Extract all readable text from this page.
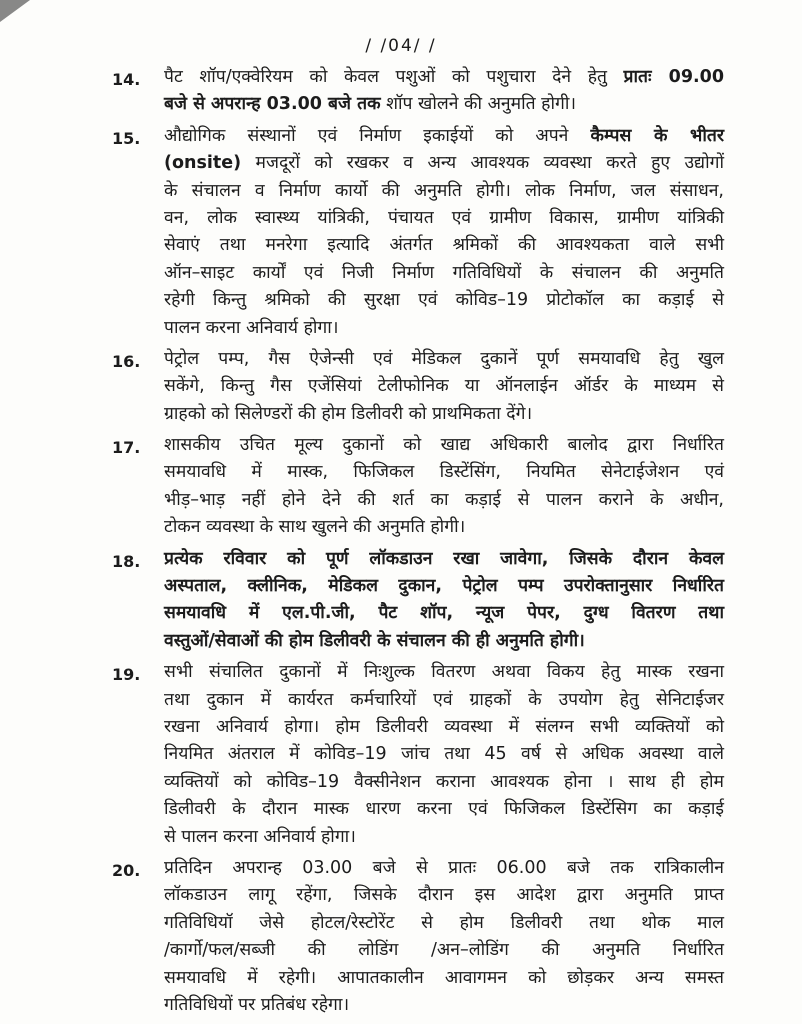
/ /04/ /
14.	पैट शॉप/एक्वेरियम को केवल पशुओं को पशुचारा देने हेतु प्रातः 09.00
बजे से अपरान्ह 03.00 बजे तक शॉप खोलने की अनुमति होगी।
15.	औद्योगिक संस्थानों एवं निर्माण इकाईयों को अपने कैम्पस के भीतर
(onsite) मजदूरों को रखकर व अन्य आवश्यक व्यवस्था करते हुए उद्योगों
के संचालन व निर्माण कार्यो की अनुमति होगी। लोक निर्माण, जल संसाधन,
वन, लोक स्वास्थ्य यांत्रिकी, पंचायत एवं ग्रामीण विकास, ग्रामीण यांत्रिकी
सेवाएं तथा मनरेगा इत्यादि अंतर्गत श्रमिकों की आवश्यकता वाले सभी
ऑन–साइट कार्यों एवं निजी निर्माण गतिविधियों के संचालन की अनुमति
रहेगी किन्तु श्रमिको की सुरक्षा एवं कोविड–19 प्रोटोकॉल का कड़ाई से
पालन करना अनिवार्य होगा।
16.	पेट्रोल पम्प, गैस ऐजेन्सी एवं मेडिकल दुकानें पूर्ण समयावधि हेतु खुल
सकेंगे, किन्तु गैस एजेंसियां टेलीफोनिक या ऑनलाईन ऑर्डर के माध्यम से
ग्राहको को सिलेण्डरों की होम डिलीवरी को प्राथमिकता देंगे।
17.	शासकीय उचित मूल्य दुकानों को खाद्य अधिकारी बालोद द्वारा निर्धारित
समयावधि में मास्क, फिजिकल डिस्टेंसिंग, नियमित सेनेटाईजेशन एवं
भीड़–भाड़ नहीं होने देने की शर्त का कड़ाई से पालन कराने के अधीन,
टोकन व्यवस्था के साथ खुलने की अनुमति होगी।
18.	प्रत्येक रविवार को पूर्ण लॉकडाउन रखा जावेगा, जिसके दौरान केवल
अस्पताल, क्लीनिक, मेडिकल दुकान, पेट्रोल पम्प उपरोक्तानुसार निर्धारित
समयावधि में एल.पी.जी, पैट शॉप, न्यूज पेपर, दुग्ध वितरण तथा
वस्तुओं/सेवाओं की होम डिलीवरी के संचालन की ही अनुमति होगी।
19.	सभी संचालित दुकानों में निःशुल्क वितरण अथवा विकय हेतु मास्क रखना
तथा दुकान में कार्यरत कर्मचारियों एवं ग्राहकों के उपयोग हेतु सेनिटाईजर
रखना अनिवार्य होगा। होम डिलीवरी व्यवस्था में संलग्न सभी व्यक्तियों को
नियमित अंतराल में कोविड–19 जांच तथा 45 वर्ष से अधिक अवस्था वाले
व्यक्तियों को कोविड–19 वैक्सीनेशन कराना आवश्यक होना । साथ ही होम
डिलीवरी के दौरान मास्क धारण करना एवं फिजिकल डिस्टेंसिग का कड़ाई
से पालन करना अनिवार्य होगा।
20.	प्रतिदिन अपरान्ह 03.00 बजे से प्रातः 06.00 बजे तक रात्रिकालीन
लॉकडाउन लागू रहेंगा, जिसके दौरान इस आदेश द्वारा अनुमति प्राप्त
गतिविधियॉ जेसे होटल/रेस्टोरेंट से होम डिलीवरी तथा थोक माल
/कार्गो/फल/सब्जी की लोडिंग /अन–लोडिंग की अनुमति निर्धारित
समयावधि में रहेगी। आपातकालीन आवागमन को छोड़कर अन्य समस्त
गतिविधियों पर प्रतिबंध रहेगा।
